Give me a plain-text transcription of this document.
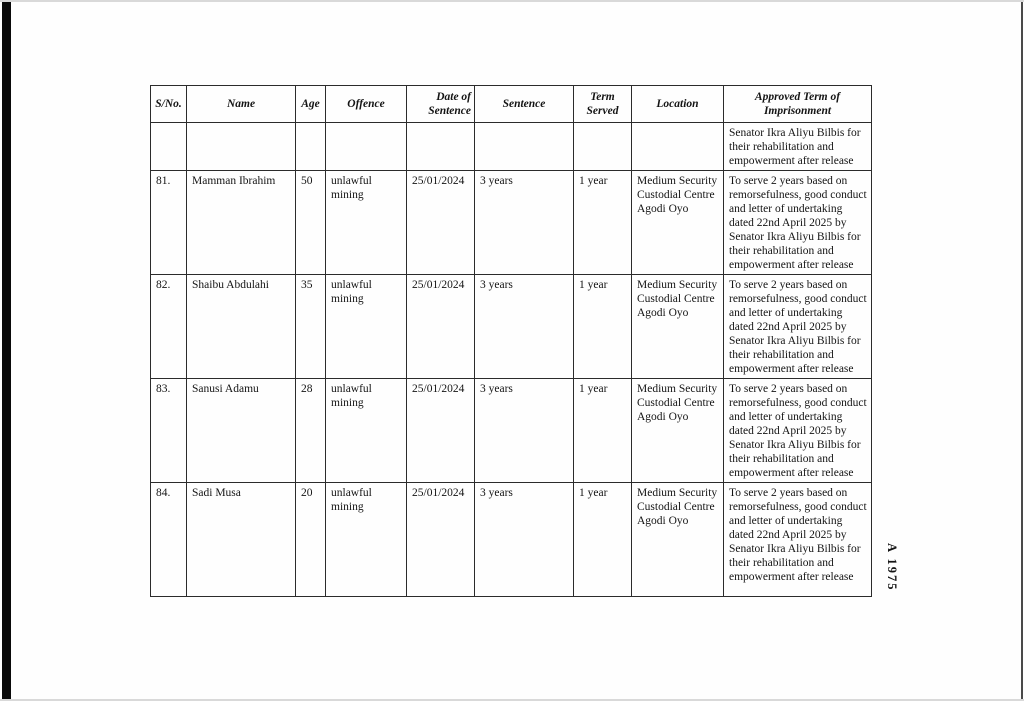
S/No.	Name	Age	Offence	Date of Sentence	Sentence	Term Served	Location	Approved Term of Imprisonment
								Senator Ikra Aliyu Bilbis for their rehabilitation and empowerment after release
81.	Mamman Ibrahim	50	unlawful mining	25/01/2024	3 years	1 year	Medium Security Custodial Centre Agodi Oyo	To serve 2 years based on remorsefulness, good conduct and letter of undertaking dated 22nd April 2025 by Senator Ikra Aliyu Bilbis for their rehabilitation and empowerment after release
82.	Shaibu Abdulahi	35	unlawful mining	25/01/2024	3 years	1 year	Medium Security Custodial Centre Agodi Oyo	To serve 2 years based on remorsefulness, good conduct and letter of undertaking dated 22nd April 2025 by Senator Ikra Aliyu Bilbis for their rehabilitation and empowerment after release
83.	Sanusi Adamu	28	unlawful mining	25/01/2024	3 years	1 year	Medium Security Custodial Centre Agodi Oyo	To serve 2 years based on remorsefulness, good conduct and letter of undertaking dated 22nd April 2025 by Senator Ikra Aliyu Bilbis for their rehabilitation and empowerment after release
84.	Sadi Musa	20	unlawful mining	25/01/2024	3 years	1 year	Medium Security Custodial Centre Agodi Oyo	To serve 2 years based on remorsefulness, good conduct and letter of undertaking dated 22nd April 2025 by Senator Ikra Aliyu Bilbis for their rehabilitation and empowerment after release	A 1975
